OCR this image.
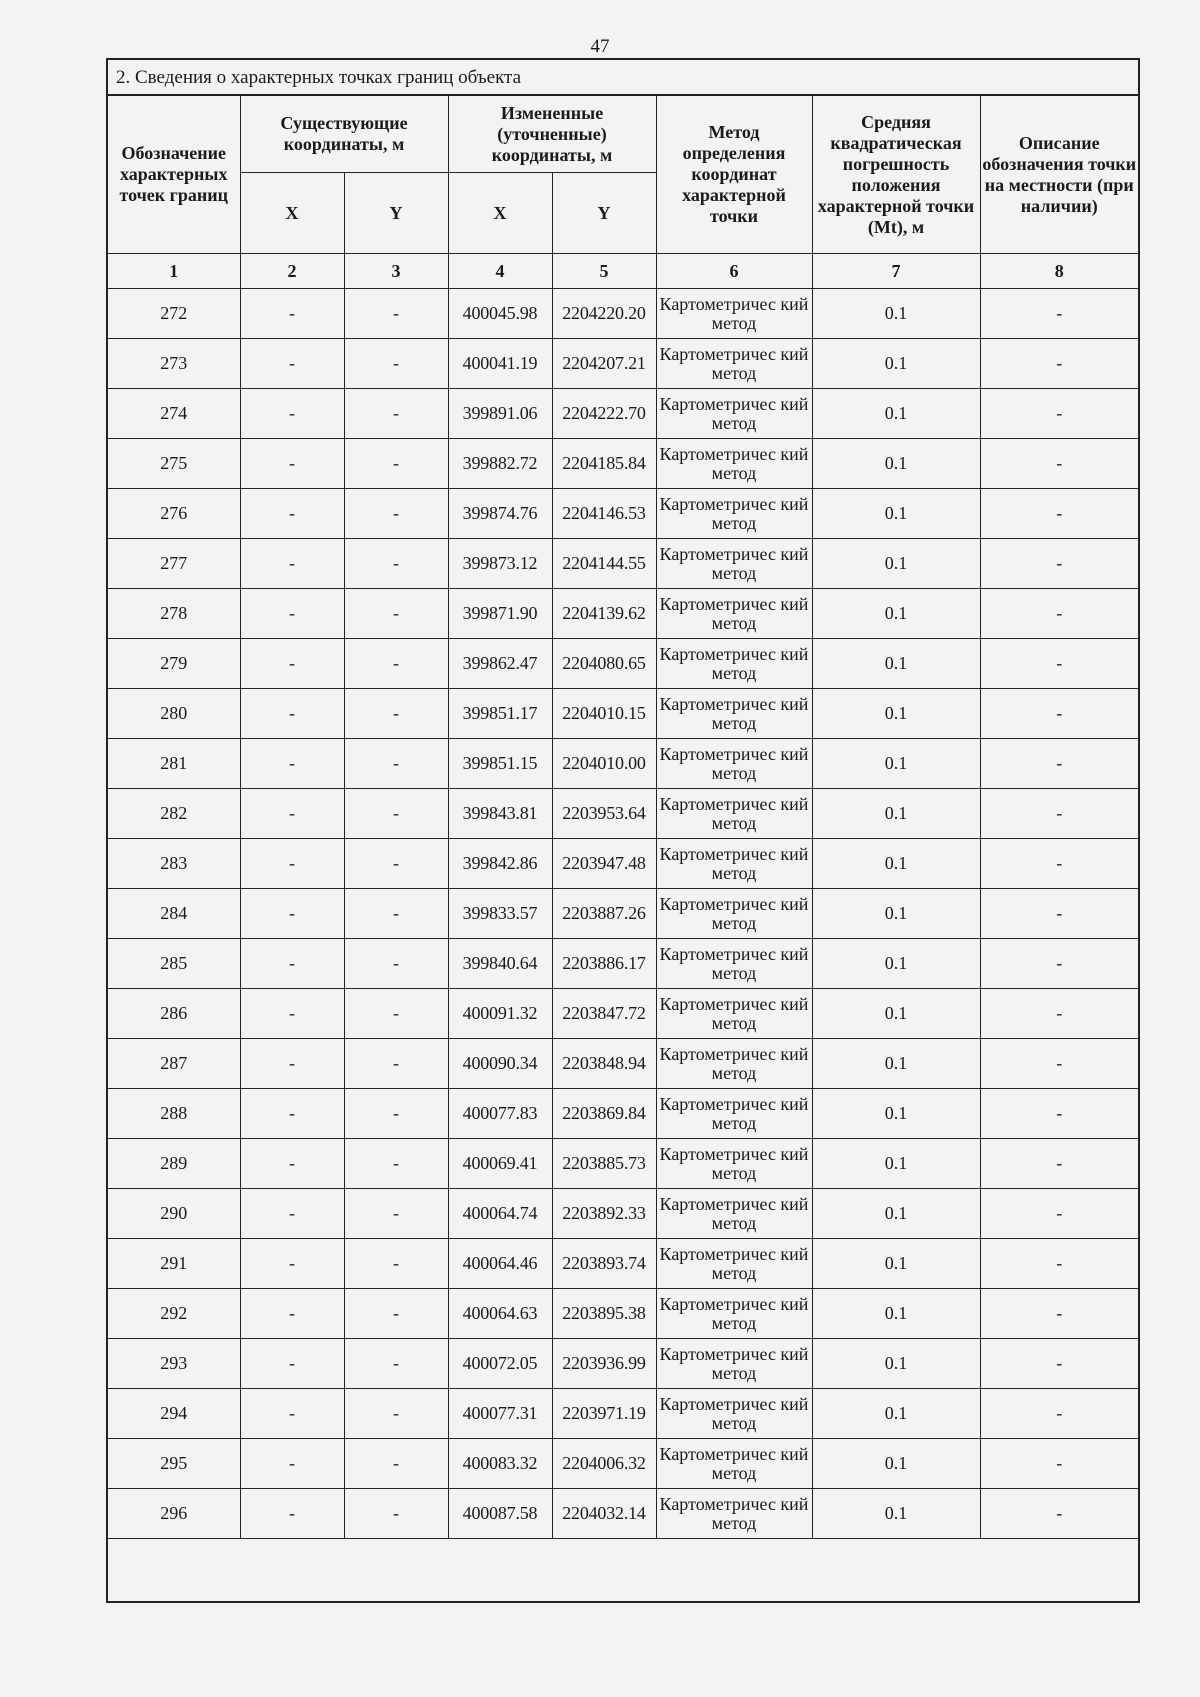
47
2. Сведения о характерных точках границ объекта
Обозначение характерных точек границ	Существующие координаты, м		Измененные (уточненные) координаты, м		Метод определения координат характерной точки	Средняя квадратическая погрешность положения характерной точки (Mt), м	Описание обозначения точки на местности (при наличии)
	X	Y	X	Y			
1	2	3	4	5	6	7	8
272	-	-	400045.98	2204220.20	Картометричес кий метод	0.1	-
273	-	-	400041.19	2204207.21	Картометричес кий метод	0.1	-
274	-	-	399891.06	2204222.70	Картометричес кий метод	0.1	-
275	-	-	399882.72	2204185.84	Картометричес кий метод	0.1	-
276	-	-	399874.76	2204146.53	Картометричес кий метод	0.1	-
277	-	-	399873.12	2204144.55	Картометричес кий метод	0.1	-
278	-	-	399871.90	2204139.62	Картометричес кий метод	0.1	-
279	-	-	399862.47	2204080.65	Картометричес кий метод	0.1	-
280	-	-	399851.17	2204010.15	Картометричес кий метод	0.1	-
281	-	-	399851.15	2204010.00	Картометричес кий метод	0.1	-
282	-	-	399843.81	2203953.64	Картометричес кий метод	0.1	-
283	-	-	399842.86	2203947.48	Картометричес кий метод	0.1	-
284	-	-	399833.57	2203887.26	Картометричес кий метод	0.1	-
285	-	-	399840.64	2203886.17	Картометричес кий метод	0.1	-
286	-	-	400091.32	2203847.72	Картометричес кий метод	0.1	-
287	-	-	400090.34	2203848.94	Картометричес кий метод	0.1	-
288	-	-	400077.83	2203869.84	Картометричес кий метод	0.1	-
289	-	-	400069.41	2203885.73	Картометричес кий метод	0.1	-
290	-	-	400064.74	2203892.33	Картометричес кий метод	0.1	-
291	-	-	400064.46	2203893.74	Картометричес кий метод	0.1	-
292	-	-	400064.63	2203895.38	Картометричес кий метод	0.1	-
293	-	-	400072.05	2203936.99	Картометричес кий метод	0.1	-
294	-	-	400077.31	2203971.19	Картометричес кий метод	0.1	-
295	-	-	400083.32	2204006.32	Картометричес кий метод	0.1	-
296	-	-	400087.58	2204032.14	Картометричес кий метод	0.1	-
